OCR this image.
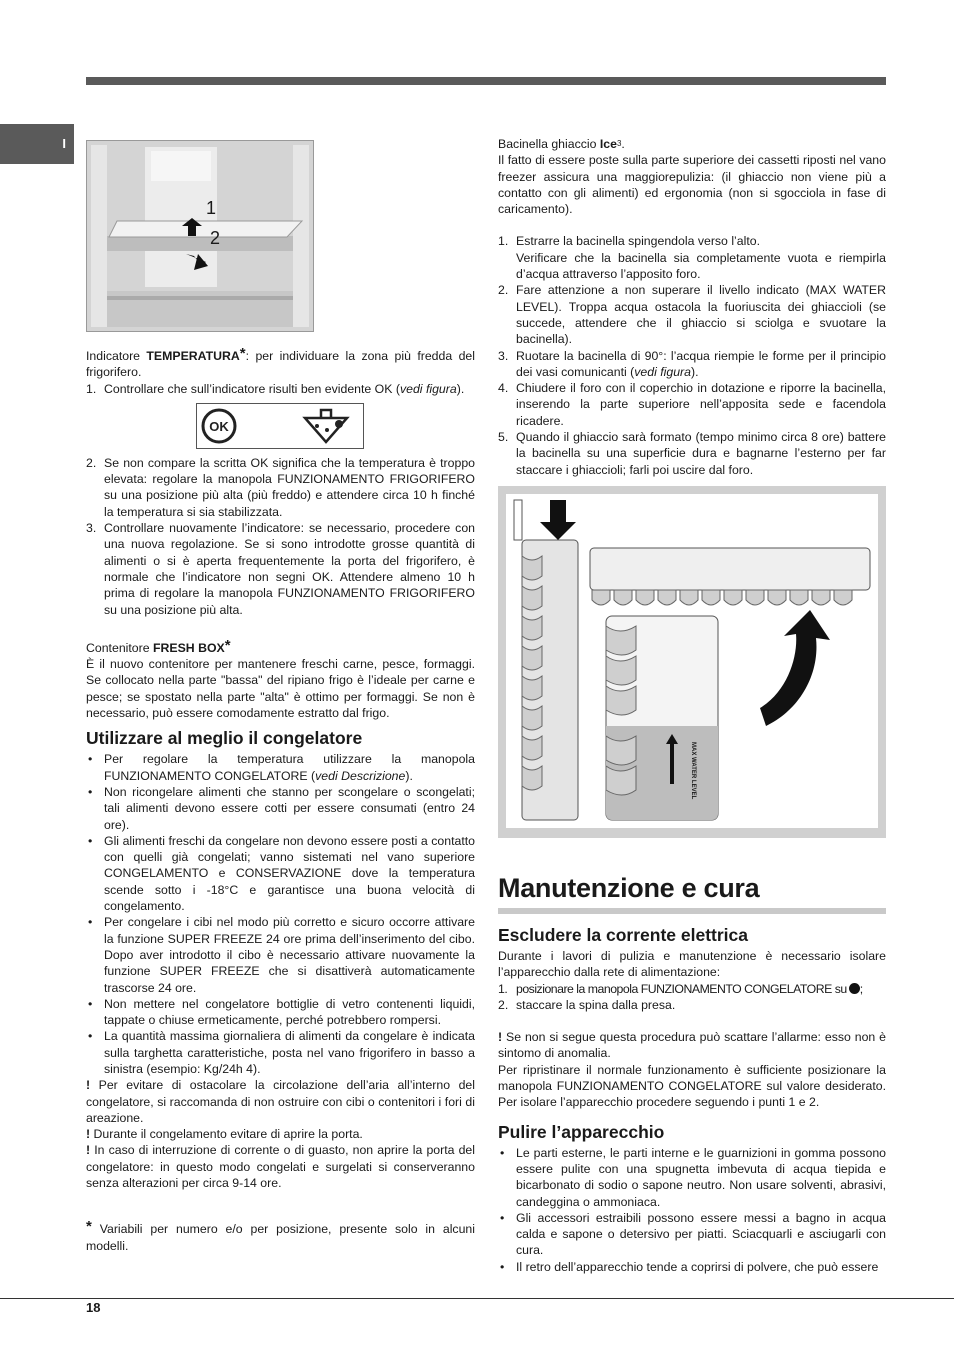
I
1
2

Indicatore TEMPERATURA*: per individuare la zona più fredda del frigorifero.

1. Controllare che sull’indicatore risulti ben evidente OK (vedi figura).
OK
2. Se non compare la scritta OK significa che la temperatura è troppo elevata: regolare la manopola FUNZIONAMENTO FRIGORIFERO su una posizione più alta (più freddo) e attendere circa 10 h finché la temperatura si sia stabilizzata.
3. Controllare nuovamente l’indicatore: se necessario, procedere con una nuova regolazione. Se si sono introdotte grosse quantità di alimenti o si è aperta frequentemente la porta del frigorifero, è normale che l’indicatore non segni OK. Attendere almeno 10 h prima di regolare la manopola FUNZIONAMENTO FRIGORIFERO su una posizione più alta.

Contenitore FRESH BOX*

È il nuovo contenitore per mantenere freschi carne, pesce, formaggi. Se collocato nella parte "bassa" del ripiano frigo è l’ideale per carne e pesce; se spostato nella parte "alta" è ottimo per formaggi. Se non è necessario, può essere comodamente estratto dal frigo.

Utilizzare al meglio il congelatore
• Per regolare la temperatura utilizzare la manopola FUNZIONAMENTO CONGELATORE (vedi Descrizione).
• Non ricongelare alimenti che stanno per scongelare o scongelati; tali alimenti devono essere cotti per essere consumati (entro 24 ore).
• Gli alimenti freschi da congelare non devono essere posti a contatto con quelli già congelati; vanno sistemati nel vano superiore CONGELAMENTO e CONSERVAZIONE dove la temperatura scende sotto i -18°C e garantisce una buona velocità di congelamento.
• Per congelare i cibi nel modo più corretto e sicuro occorre attivare la funzione SUPER FREEZE 24 ore prima dell’inserimento del cibo. Dopo aver introdotto il cibo è necessario attivare nuovamente la funzione SUPER FREEZE che si disattiverà automaticamente trascorse 24 ore.
• Non mettere nel congelatore bottiglie di vetro contenenti liquidi, tappate o chiuse ermeticamente, perché potrebbero rompersi.
• La quantità massima giornaliera di alimenti da congelare è indicata sulla targhetta caratteristiche, posta nel vano frigorifero in basso a sinistra (esempio: Kg/24h 4).

! Per evitare di ostacolare la circolazione dell’aria all’interno del congelatore, si raccomanda di non ostruire con cibi o contenitori i fori di areazione.

! Durante il congelamento evitare di aprire la porta.

! In caso di interruzione di corrente o di guasto, non aprire la porta del congelatore: in questo modo congelati e surgelati si conserveranno senza alterazioni per circa 9-14 ore.

* Variabili per numero e/o per posizione, presente solo in alcuni modelli.

Bacinella ghiaccio Ice$^3$.

Il fatto di essere poste sulla parte superiore dei cassetti riposti nel vano freezer assicura una maggiorepulizia: (il ghiaccio non viene più a contatto con gli alimenti) ed ergonomia (non si sgocciola in fase di caricamento).

1. Estrarre la bacinella spingendola verso l’alto.
Verificare che la bacinella sia completamente vuota e riempirla d’acqua attraverso l’apposito foro.
2. Fare attenzione a non superare il livello indicato (MAX WATER LEVEL). Troppa acqua ostacola la fuoriuscita dei ghiaccioli (se succede, attendere che il ghiaccio si sciolga e svuotare la bacinella).
3. Ruotare la bacinella di 90°: l’acqua riempie le forme per il principio dei vasi comunicanti (vedi figura).
4. Chiudere il foro con il coperchio in dotazione e riporre la bacinella, inserendo la parte superiore nell’apposita sede e facendola ricadere.
5. Quando il ghiaccio sarà formato (tempo minimo circa 8 ore) battere la bacinella su una superficie dura e bagnarne l’esterno per far staccare i ghiaccioli; farli poi uscire dal foro.
MAX WATER LEVEL
Manutenzione e cura
Escludere la corrente elettrica

Durante i lavori di pulizia e manutenzione è necessario isolare l’apparecchio dalla rete di alimentazione:

1. posizionare la manopola FUNZIONAMENTO CONGELATORE su ;
2. staccare la spina dalla presa.

! Se non si segue questa procedura può scattare l’allarme: esso non è sintomo di anomalia.

Per ripristinare il normale funzionamento è sufficiente posizionare la manopola FUNZIONAMENTO CONGELATORE sul valore desiderato. Per isolare l’apparecchio procedere seguendo i punti 1 e 2.

Pulire l’apparecchio
• Le parti esterne, le parti interne e le guarnizioni in gomma possono essere pulite con una spugnetta imbevuta di acqua tiepida e bicarbonato di sodio o sapone neutro. Non usare solventi, abrasivi, candeggina o ammoniaca.
• Gli accessori estraibili possono essere messi a bagno in acqua calda e sapone o detersivo per piatti. Sciacquarli e asciugarli con cura.
• Il retro dell’apparecchio tende a coprirsi di polvere, che può essere
18
